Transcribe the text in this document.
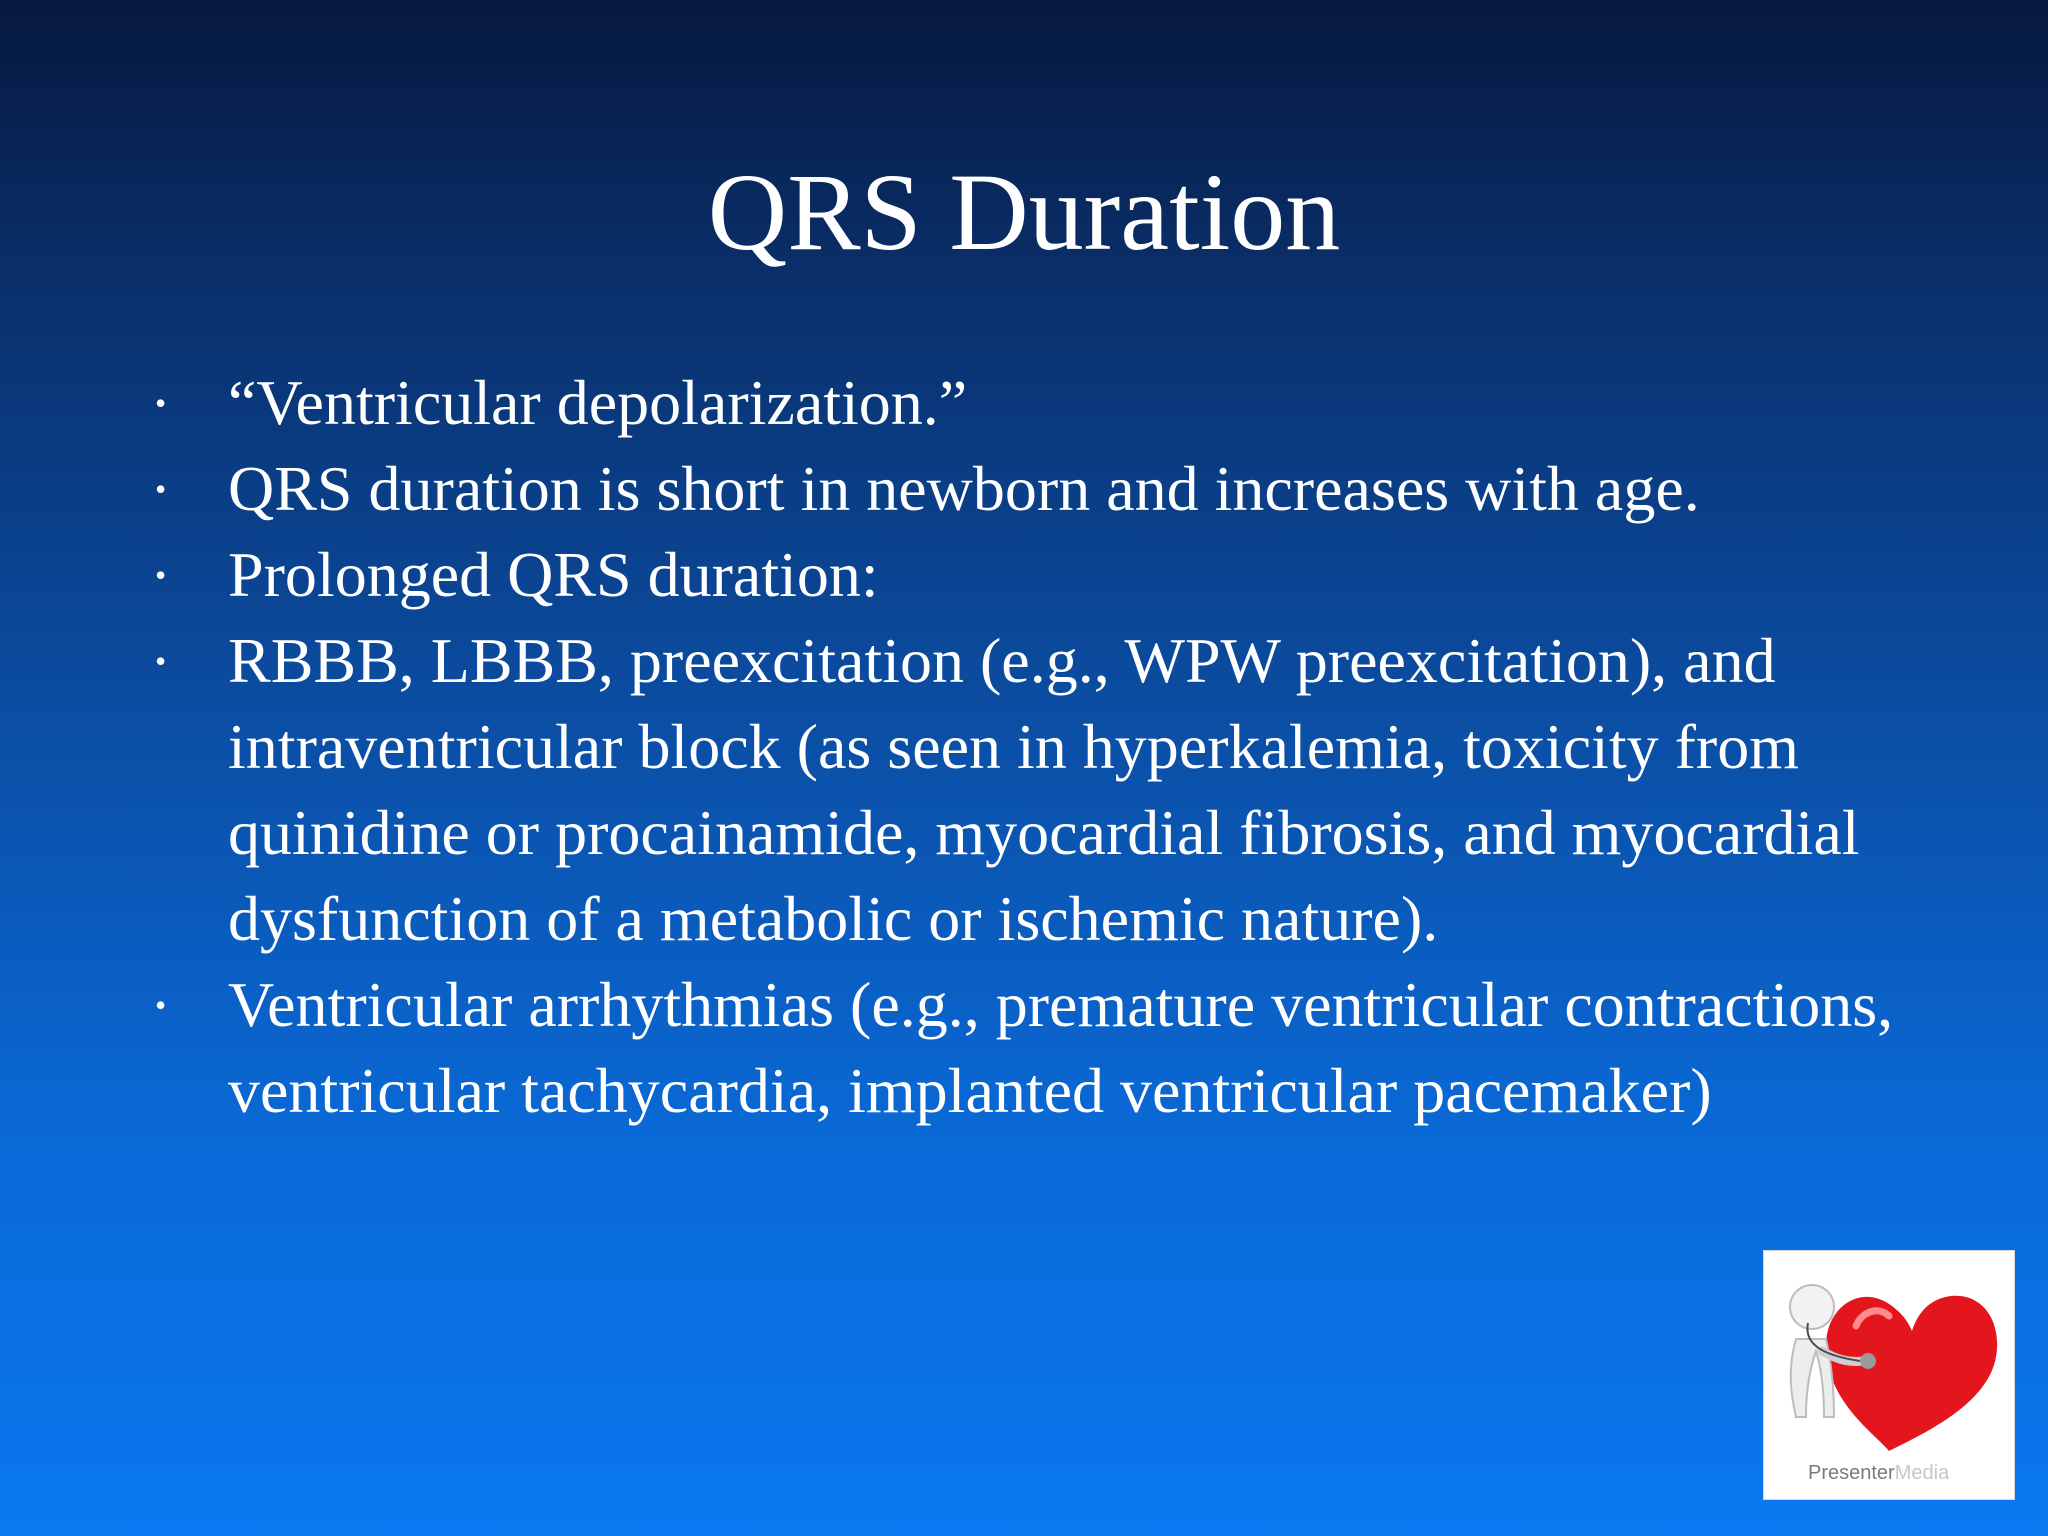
QRS Duration
• “Ventricular depolarization.”
• QRS duration is short in newborn and increases with age.
• Prolonged QRS duration:
• RBBB, LBBB, preexcitation (e.g., WPW preexcitation), and intraventricular block (as seen in hyperkalemia, toxicity from quinidine or procainamide, myocardial fibrosis, and myocardial dysfunction of a metabolic or ischemic nature).
• Ventricular arrhythmias (e.g., premature ventricular contractions, ventricular tachycardia, implanted ventricular pacemaker)
PresenterMedia
